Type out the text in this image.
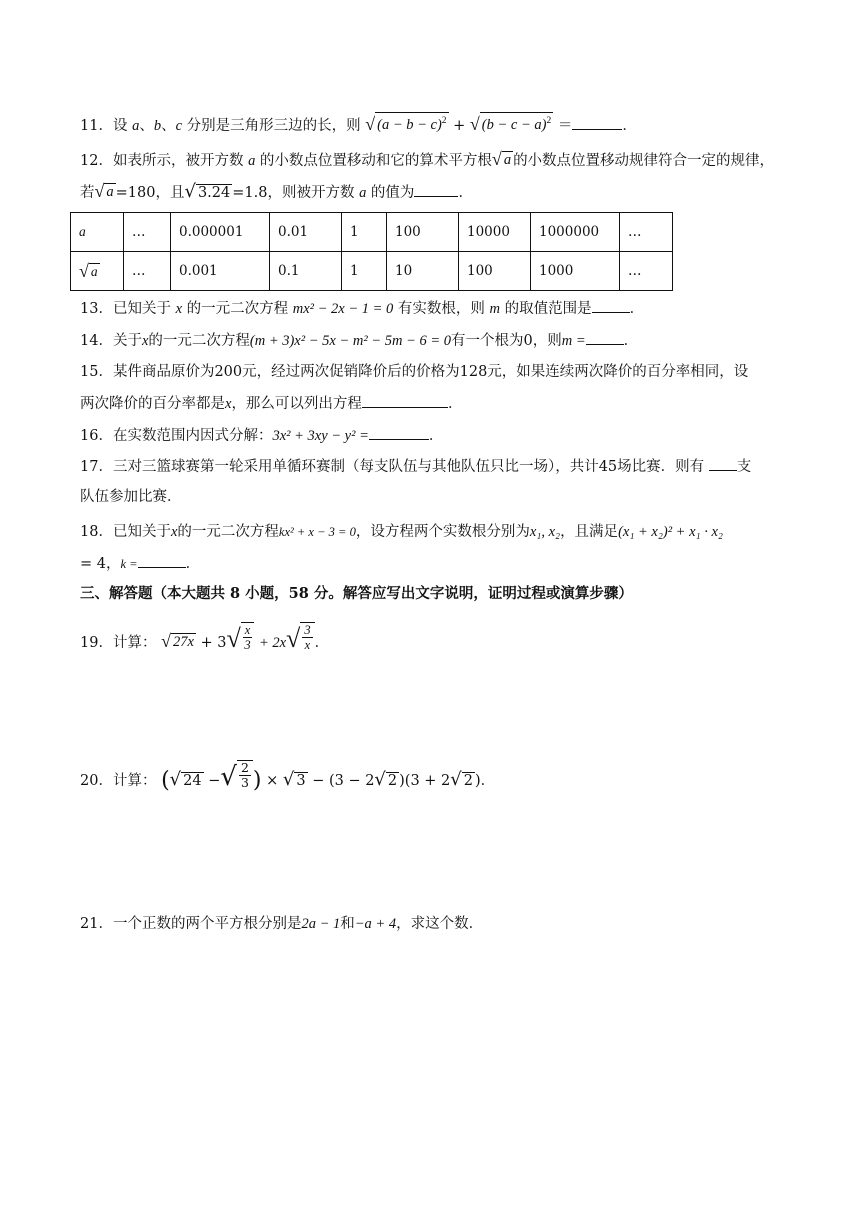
11．设 a、b、c 分别是三角形三边的长，则 √ $(a - b - c)^2$ + √ $(b - c - a)^2$ ＝	．
12．如表所示，被开方数 a 的小数点位置移动和它的算术平方根 √ a 的小数点位置移动规律符合一定的规律，
若 √ a =180，且 √ 3.24 =1.8，则被开方数 a 的值为	．
a	…	0.000001	0.01	1	100	10000	1000000	…

√ a	…	0.001	0.1	1	10	100	1000	…
13．已知关于 x 的一元二次方程 mx² − 2x − 1 = 0 有实数根，则 m 的取值范围是	．
14．关于x的一元二次方程(m + 3)x² − 5x − m² − 5m − 6 = 0有一个根为0，则m =	．
15．某件商品原价为200元，经过两次促销降价后的价格为128元，如果连续两次降价的百分率相同，设
两次降价的百分率都是x，那么可以列出方程	．
16．在实数范围内因式分解：3x² + 3xy − y² =	．
17．三对三篮球赛第一轮采用单循环赛制（每支队伍与其他队伍只比一场），共计45场比赛．则有 支
队伍参加比赛．
18．已知关于x的一元二次方程kx² + x − 3 = 0，设方程两个实数根分别为x₁, x₂，且满足(x₁ + x₂)² + x₁ · x₂
= 4，k =	．
三、解答题（本大题共 8 小题，58 分。解答应写出文字说明，证明过程或演算步骤）
19．计算： √ 27x + 3 √ $\frac{x}{3} + 2x$ √ $\frac{3}{x}$ ．
20．计算： ( √ 24 − √ $\frac{2}{3}$ ) × √ 3 − (3 − 2 √ 2 )(3 + 2 √ 2 )．
21．一个正数的两个平方根分别是2a − 1和−a + 4，求这个数．
